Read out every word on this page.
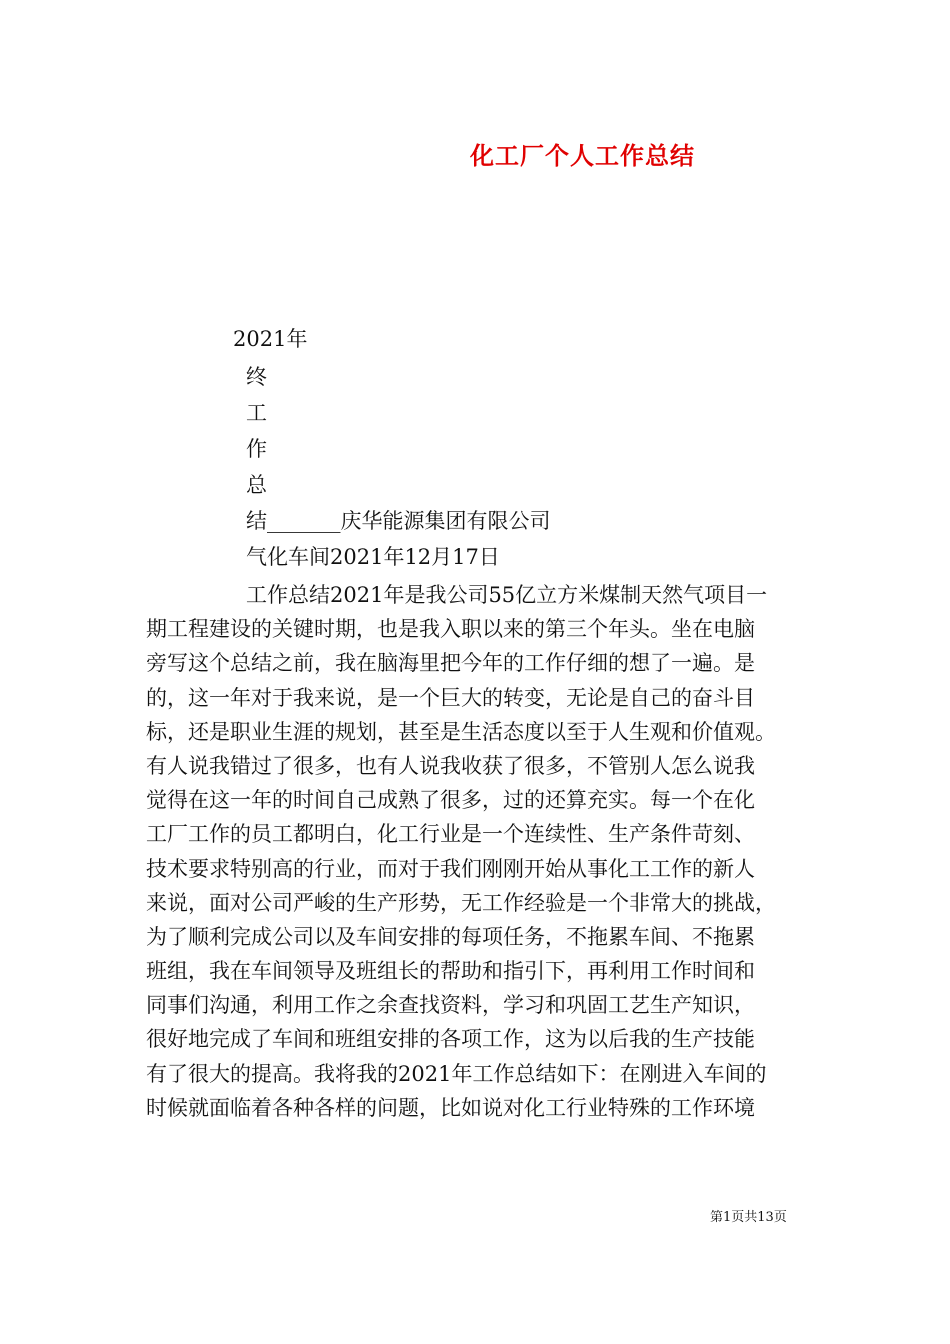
化工厂个人工作总结
2021年
终
工
作
总
结_______庆华能源集团有限公司
气化车间2021年12月17日
工作总结2021年是我公司55亿立方米煤制天然气项目一
期工程建设的关键时期，也是我入职以来的第三个年头。坐在电脑
旁写这个总结之前，我在脑海里把今年的工作仔细的想了一遍。是
的，这一年对于我来说，是一个巨大的转变，无论是自己的奋斗目
标，还是职业生涯的规划，甚至是生活态度以至于人生观和价值观。
有人说我错过了很多，也有人说我收获了很多，不管别人怎么说我
觉得在这一年的时间自己成熟了很多，过的还算充实。每一个在化
工厂工作的员工都明白，化工行业是一个连续性、生产条件苛刻、
技术要求特别高的行业，而对于我们刚刚开始从事化工工作的新人
来说，面对公司严峻的生产形势，无工作经验是一个非常大的挑战，
为了顺利完成公司以及车间安排的每项任务，不拖累车间、不拖累
班组，我在车间领导及班组长的帮助和指引下，再利用工作时间和
同事们沟通，利用工作之余查找资料，学习和巩固工艺生产知识，
很好地完成了车间和班组安排的各项工作，这为以后我的生产技能
有了很大的提高。我将我的2021年工作总结如下：在刚进入车间的
时候就面临着各种各样的问题，比如说对化工行业特殊的工作环境
第1页共13页
